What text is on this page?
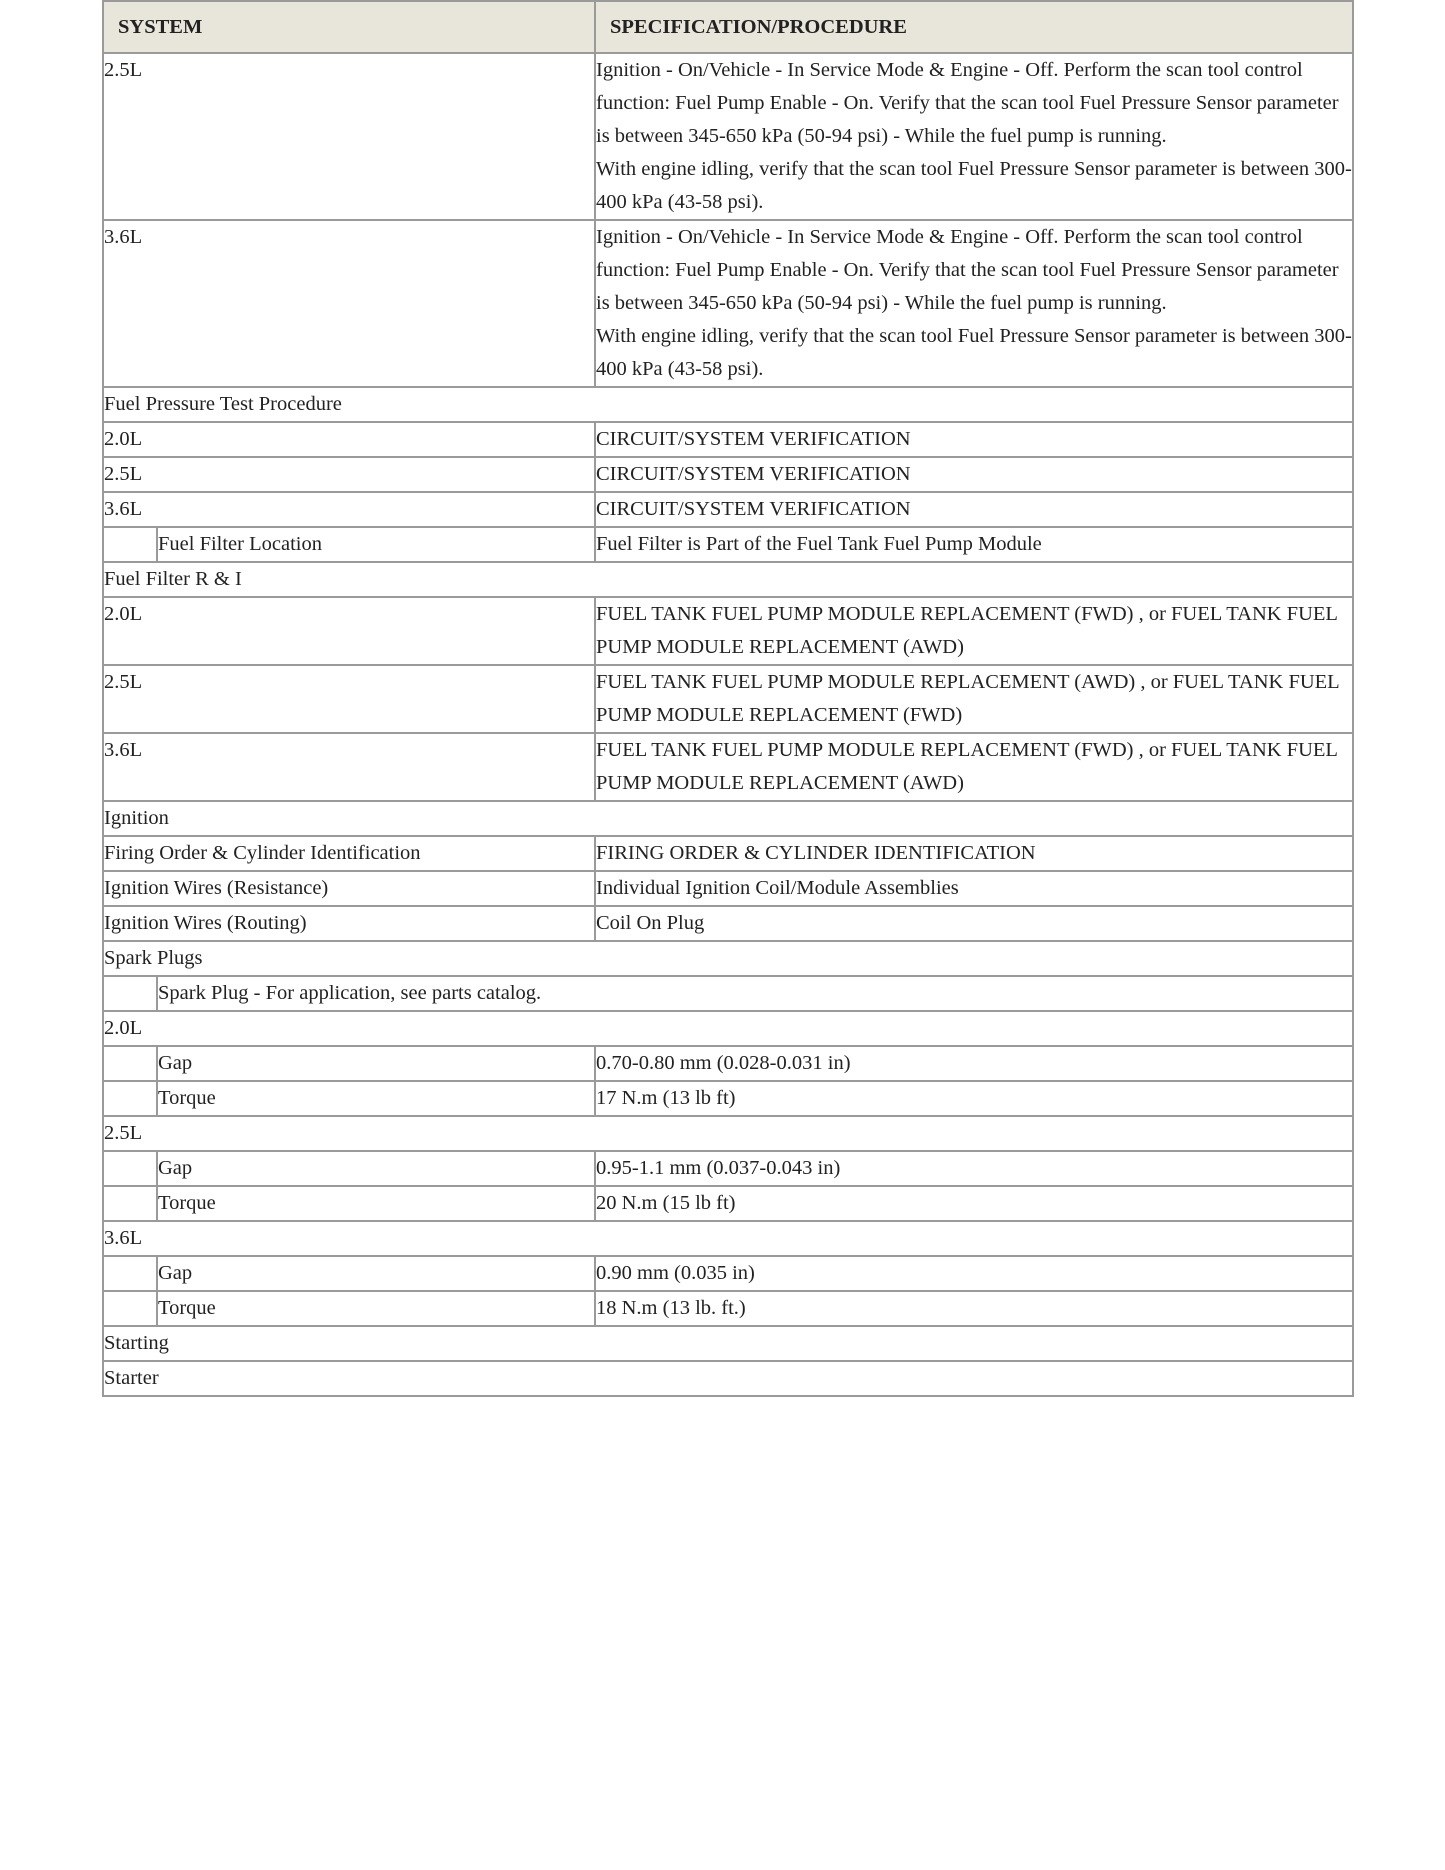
SYSTEM		SPECIFICATION/PROCEDURE
2.5L		Ignition - On/Vehicle - In Service Mode & Engine - Off. Perform the scan tool control function: Fuel Pump Enable - On. Verify that the scan tool Fuel Pressure Sensor parameter is between 345-650 kPa (50-94 psi) - While the fuel pump is running.
With engine idling, verify that the scan tool Fuel Pressure Sensor parameter is between 300-400 kPa (43-58 psi).

3.6L		Ignition - On/Vehicle - In Service Mode & Engine - Off. Perform the scan tool control function: Fuel Pump Enable - On. Verify that the scan tool Fuel Pressure Sensor parameter is between 345-650 kPa (50-94 psi) - While the fuel pump is running.
With engine idling, verify that the scan tool Fuel Pressure Sensor parameter is between 300-400 kPa (43-58 psi).

Fuel Pressure Test Procedure		
2.0L		CIRCUIT/SYSTEM VERIFICATION

2.5L		CIRCUIT/SYSTEM VERIFICATION

3.6L		CIRCUIT/SYSTEM VERIFICATION

	Fuel Filter Location	Fuel Filter is Part of the Fuel Tank Fuel Pump Module
Fuel Filter R & I		
2.0L		FUEL TANK FUEL PUMP MODULE REPLACEMENT (FWD) , or FUEL TANK FUEL PUMP MODULE REPLACEMENT (AWD)

2.5L		FUEL TANK FUEL PUMP MODULE REPLACEMENT (AWD) , or FUEL TANK FUEL PUMP MODULE REPLACEMENT (FWD)

3.6L		FUEL TANK FUEL PUMP MODULE REPLACEMENT (FWD) , or FUEL TANK FUEL PUMP MODULE REPLACEMENT (AWD)

Ignition		
Firing Order & Cylinder Identification		FIRING ORDER & CYLINDER IDENTIFICATION
Ignition Wires (Resistance)		Individual Ignition Coil/Module Assemblies
Ignition Wires (Routing)		Coil On Plug
Spark Plugs		
	Spark Plug - For application, see parts catalog.	
2.0L		
	Gap	0.70-0.80 mm (0.028-0.031 in)
	Torque	17 N.m (13 lb ft)
2.5L		
	Gap	0.95-1.1 mm (0.037-0.043 in)
	Torque	20 N.m (15 lb ft)
3.6L		
	Gap	0.90 mm (0.035 in)
	Torque	18 N.m (13 lb. ft.)
Starting		
Starter		
